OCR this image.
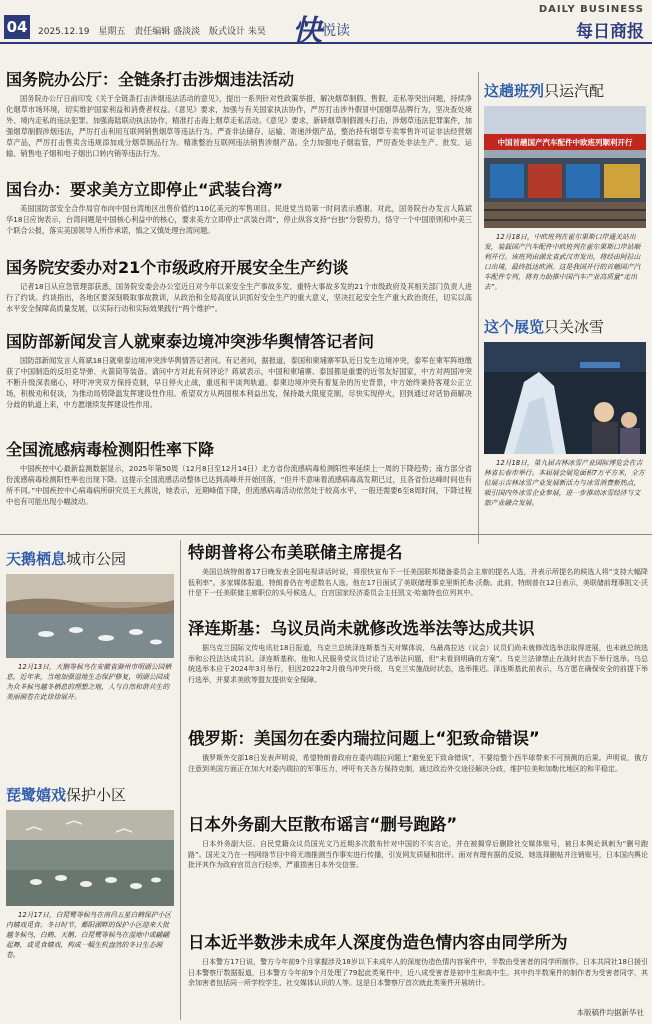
04 2025.12.19 星期五 责任编辑 盛淡淡 版式设计 朱昊 快悦读
DAILY BUSINESS
每日商报
国务院办公厅：全链条打击涉烟违法活动

国务院办公厅日前印发《关于全链条打击涉烟违法活动的意见》，提出一系列针对性政策举措，解决烟草制假、售假、走私等突出问题，持续净化烟草市场环境，切实维护国家利益和消费者权益。《意见》要求，加强与有关国家执法协作，严厉打击涉外假冒中国烟草品牌行为，坚决查处境外、境内走私的违法犯罪。加强海陆联动执法协作，精准打击海上烟草走私活动。《意见》要求，新研烟草制假源头打击，涉烟草违法犯罪案件，加强烟草制假涉烟违法，严厉打击利用互联网销售烟草等违法行为。严查非法储存、运输、寄递涉烟产品，整治持有烟草专卖零售许可证非法经营烟草产品，严厉打击售卖含违规添加成分烟草制品行为。精准整治互联网违法销售涉烟产品。全力加强电子烟监管，严厉查处非法生产、批发、运输、销售电子烟和电子烟出口转内销等违法行为。

国台办：要求美方立即停止“武装台湾”

美国国防部安全合作局官布向中国台湾地区出售价值约110亿美元的军售项目。民进党当局第一时间表示感谢。对此，国务院台办发言人陈斌华18日应询表示，台湾问题是中国核心利益中的核心，要求美方立即停止“武装台湾”，停止纵容支持“台独”分裂势力，恪守一个中国原则和中美三个联合公报，落实美国领导人所作承诺，慎之又慎处理台湾问题。

国务院安委办对21个市级政府开展安全生产约谈

记者18日从应急管理部获悉，国务院安委会办公室近日对今年以来安全生产事故多发、重特大事故多发的21个市级政府及其相关部门负责人进行了约谈。约谈指出，各地区要深刻吸取事故教训，从政治和全局高度认识抓好安全生产的重大意义，坚决扛起安全生产重大政治责任，切实以高水平安全保障高质量发展，以实际行动和实际效果践行“两个维护”。

国防部新闻发言人就柬泰边境冲突涉华舆情答记者问

国防部新闻发言人蒋斌18日就柬泰边境冲突涉华舆情答记者问。有记者问，据报道，泰国和柬埔寨军队近日发生边境冲突，泰军在柬军阵地缴获了中国制造的反坦克导弹、火箭筒等装备。请问中方对此有何评论？蒋斌表示，中国和柬埔寨、泰国都是重要的近邻友好国家，中方对两国冲突不断升级深表痛心，呼吁冲突双方保持克制，早日停火止战，重返和平谈判轨道。泰柬边境冲突有着复杂的历史背景，中方始终秉持客观公正立场，积极劝和促谈，为推动局势降温发挥建设性作用。希望双方从两国根本利益出发，保持最大限度克制，尽快实现停火，回到通过对话协商解决分歧的轨道上来，中方愿继续发挥建设性作用。

全国流感病毒检测阳性率下降

中国疾控中心最新监测数据显示，2025年第50周（12月8日至12月14日）北方省份流感病毒检测阳性率延续上一周的下降趋势；南方部分省份流感病毒检测阳性率也出现下降。这提示全国流感活动整体已达到高峰并开始回落，“但并不意味着流感病毒高发期已过，且各省份达峰时间也有所不同。”中国疾控中心病毒病所研究员王大燕说，她表示，近期峰值下降，但流感病毒活动依然处于较高水平，一般还需要6至8周时间，下降过程中也有可能出现小幅波动。

这趟班列只运汽配
中国首趟国产汽车配件中欧班列顺利开行
12月18日，中欧班列在霍尔果斯口岸通关站出发，装载国产汽车配件中欧班列在霍尔果斯口岸站顺利开行。该班列由湖北省武汉市发出，将经由阿拉山口出境，最终抵达欧洲。这是我国开行的首趟国产汽车配件专列，将有力助推中国汽车产业高质量“走出去”。
这个展览只关冰雪
12月18日，第九届吉林冰雪产业国际博览会在吉林省长春市举行。本届展会展览面积7万平方米，全方位展示吉林冰雪产业发展新活力与冰雪消费新热点，吸引国内外冰雪企业参展，进一步推动冰雪经济与文旅产业融合发展。
天鹅栖息城市公园
12月13日，天鹅等候鸟在安徽省滁州市明湖公园栖息。近年来，当地加强湿地生态保护修复，明湖公园成为众多候鸟越冬栖息的理想之地，人与自然和谐共生的美丽画卷在此徐徐展开。
琵鹭嬉戏保护小区
12月17日，白琵鹭等候鸟在南昌五星白鹤保护小区内嬉戏觅食。冬日时节，鄱阳湖畔的保护小区迎来大批越冬候鸟，白鹤、天鹅、白琵鹭等候鸟在湿地中或翩翩起舞，或觅食嬉戏，构成一幅生机盎然的冬日生态画卷。
特朗普将公布美联储主席提名

美国总统特朗普17日晚发表全国电视讲话时说，将很快宣布下一任美国联邦储备委员会主席的提名人选，并表示所提名的候选人将“支持大幅降低利率”。多家媒体报道，特朗普仍在考虑数名人选。他在17日面试了美联储理事克里斯托弗·沃勒。此前，特朗普在12日表示，美联储前理事凯文·沃什是下一任美联储主席职位的头号候选人，白宫国家经济委员会主任凯文·哈塞特也位列其中。

泽连斯基：乌议员尚未就修改选举法等达成共识

据乌克兰国际文传电讯社18日报道，乌克兰总统泽连斯基当天对媒体说，乌最高拉达（议会）议员们尚未就修改选举法取得进展，也未就总统选举和公投法达成共识。泽连斯基称，他和人民服务党议员讨论了选举法问题，但“未看到明确的方案”。乌克兰法律禁止在战时状态下举行选举。乌总统选举本应于2024年3月举行，但因2022年2月俄乌冲突升级，乌克兰实施战时状态，选举推迟。泽连斯基此前表示，乌方愿在确保安全的前提下举行选举，并要求美欧等盟友提供安全保障。

俄罗斯：美国勿在委内瑞拉问题上“犯致命错误”

俄罗斯外交部18日发表声明说，希望特朗普政府在委内瑞拉问题上“避免犯下致命错误”，不要给整个西半球带来不可预测的后果。声明说，俄方注意到美国方面正在加大对委内瑞拉的军事压力，呼吁有关各方保持克制，通过政治外交途径解决分歧，维护拉美和加勒比地区的和平稳定。

日本外务副大臣散布谣言“删号跑路”

日本外务副大臣、自民党籍众议员国光文乃近期多次散布针对中国的不实言论，并在被揭穿后删除社交媒体账号，被日本舆论讽刺为“删号跑路”。国光文乃在一档网络节目中将无端推测当作事实进行传播，引发网友质疑和批评。面对有理有据的反驳，她选择删帖并注销账号，日本国内舆论批评其作为政府官员言行轻率，严重损害日本外交信誉。

日本近半数涉未成年人深度伪造色情内容由同学所为

日本警方17日说，警方今年前9个月掌握涉及18岁以下未成年人的深度伪造色情内容案件中，半数由受害者的同学所制作。日本共同社18日援引日本警察厅数据报道，日本警方今年前9个月处理了79起此类案件中，近八成受害者是初中生和高中生。其中约半数案件的制作者为受害者同学，其余加害者包括同一所学校学生、社交媒体认识的人等。这是日本警察厅首次就此类案件开展统计。

本版稿件均据新华社
